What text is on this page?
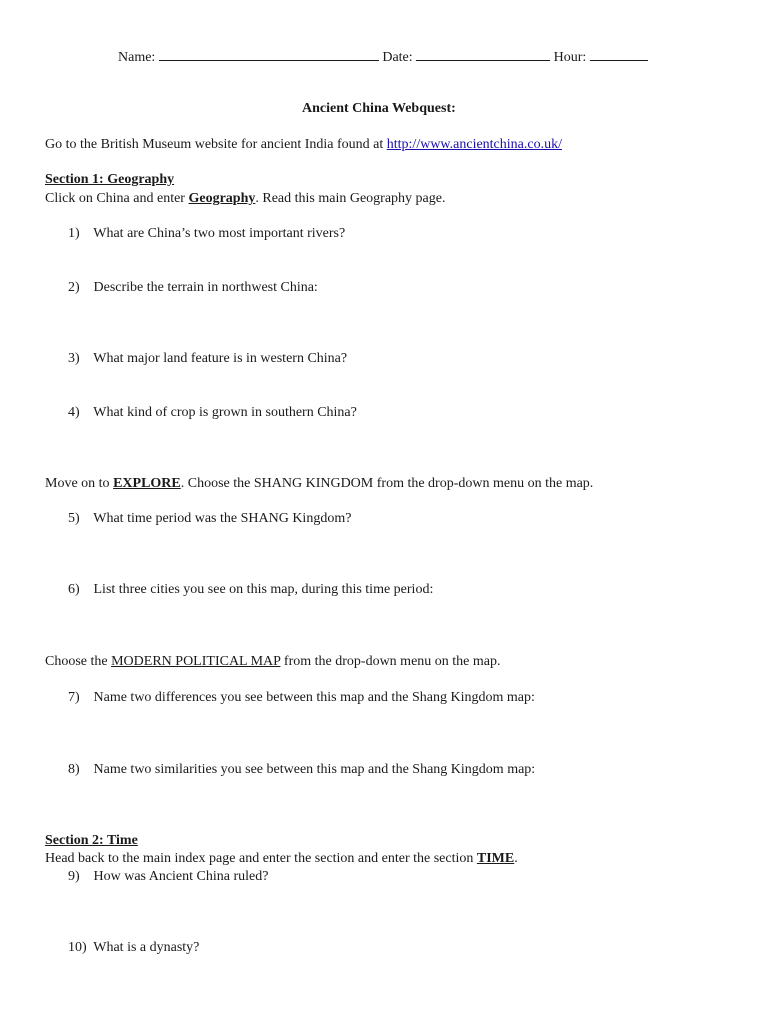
Name:	Date:	Hour:
Ancient China Webquest:
Go to the British Museum website for ancient India found at http://www.ancientchina.co.uk/
Section 1: Geography
Click on China and enter Geography. Read this main Geography page.
1) What are China’s two most important rivers?
2) Describe the terrain in northwest China:
3) What major land feature is in western China?
4) What kind of crop is grown in southern China?
Move on to EXPLORE. Choose the SHANG KINGDOM from the drop-down menu on the map.
5) What time period was the SHANG Kingdom?
6) List three cities you see on this map, during this time period:
Choose the MODERN POLITICAL MAP from the drop-down menu on the map.
7) Name two differences you see between this map and the Shang Kingdom map:
8) Name two similarities you see between this map and the Shang Kingdom map:
Section 2: Time
Head back to the main index page and enter the section and enter the section TIME.
9) How was Ancient China ruled?
10) What is a dynasty?
